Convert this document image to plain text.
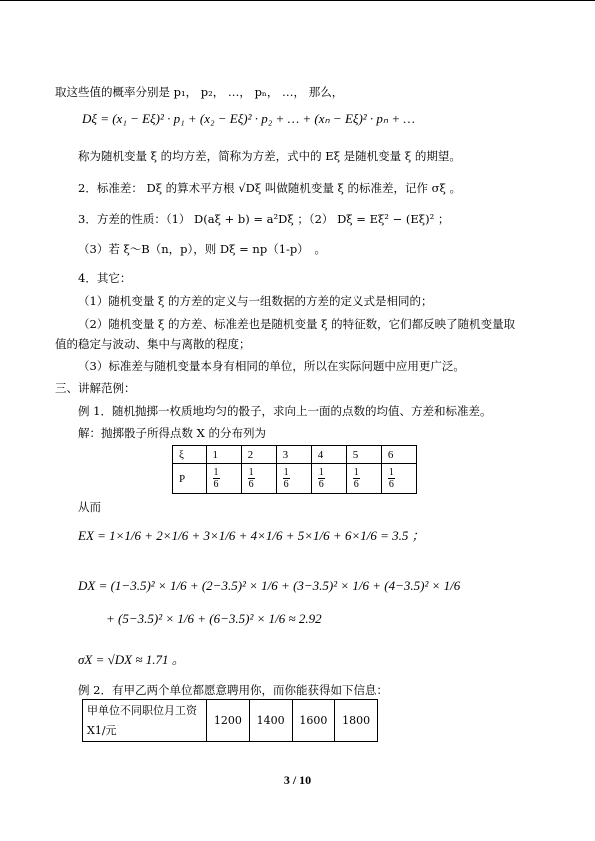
取这些值的概率分别是 p₁， p₂， …， pₙ， …， 那么，
Dξ = (x₁ − Eξ)² · p₁ + (x₂ − Eξ)² · p₂ + … + (xₙ − Eξ)² · pₙ + …
称为随机变量 ξ 的均方差，简称为方差，式中的 Eξ 是随机变量 ξ 的期望。
2．标准差： Dξ 的算术平方根 √Dξ 叫做随机变量 ξ 的标准差，记作 σξ 。
3．方差的性质：（1） D(aξ + b) = a²Dξ ；（2） Dξ = Eξ² − (Eξ)² ；
（3）若 ξ～B（n，p），则 Dξ = np（1-p）　。
4．其它：
（1）随机变量 ξ 的方差的定义与一组数据的方差的定义式是相同的；
（2）随机变量 ξ 的方差、标准差也是随机变量 ξ 的特征数，它们都反映了随机变量取
值的稳定与波动、集中与离散的程度；
（3）标准差与随机变量本身有相同的单位，所以在实际问题中应用更广泛。
三、讲解范例：
例 1．随机抛掷一枚质地均匀的骰子，求向上一面的点数的均值、方差和标准差。
解：抛掷骰子所得点数 X 的分布列为
ξ	1	2	3	4	5	6
P	$\frac{1}{6}$	$\frac{1}{6}$	$\frac{1}{6}$	$\frac{1}{6}$	$\frac{1}{6}$	$\frac{1}{6}$
从而
EX = 1×1/6 + 2×1/6 + 3×1/6 + 4×1/6 + 5×1/6 + 6×1/6 = 3.5 ；
DX = (1−3.5)² × 1/6 + (2−3.5)² × 1/6 + (3−3.5)² × 1/6 + (4−3.5)² × 1/6
+ (5−3.5)² × 1/6 + (6−3.5)² × 1/6 ≈ 2.92
σX = √DX ≈ 1.71 。
例 2．有甲乙两个单位都愿意聘用你，而你能获得如下信息：
甲单位不同职位月工资
X1/元
	1200	1400	1600	1800
3 / 10
